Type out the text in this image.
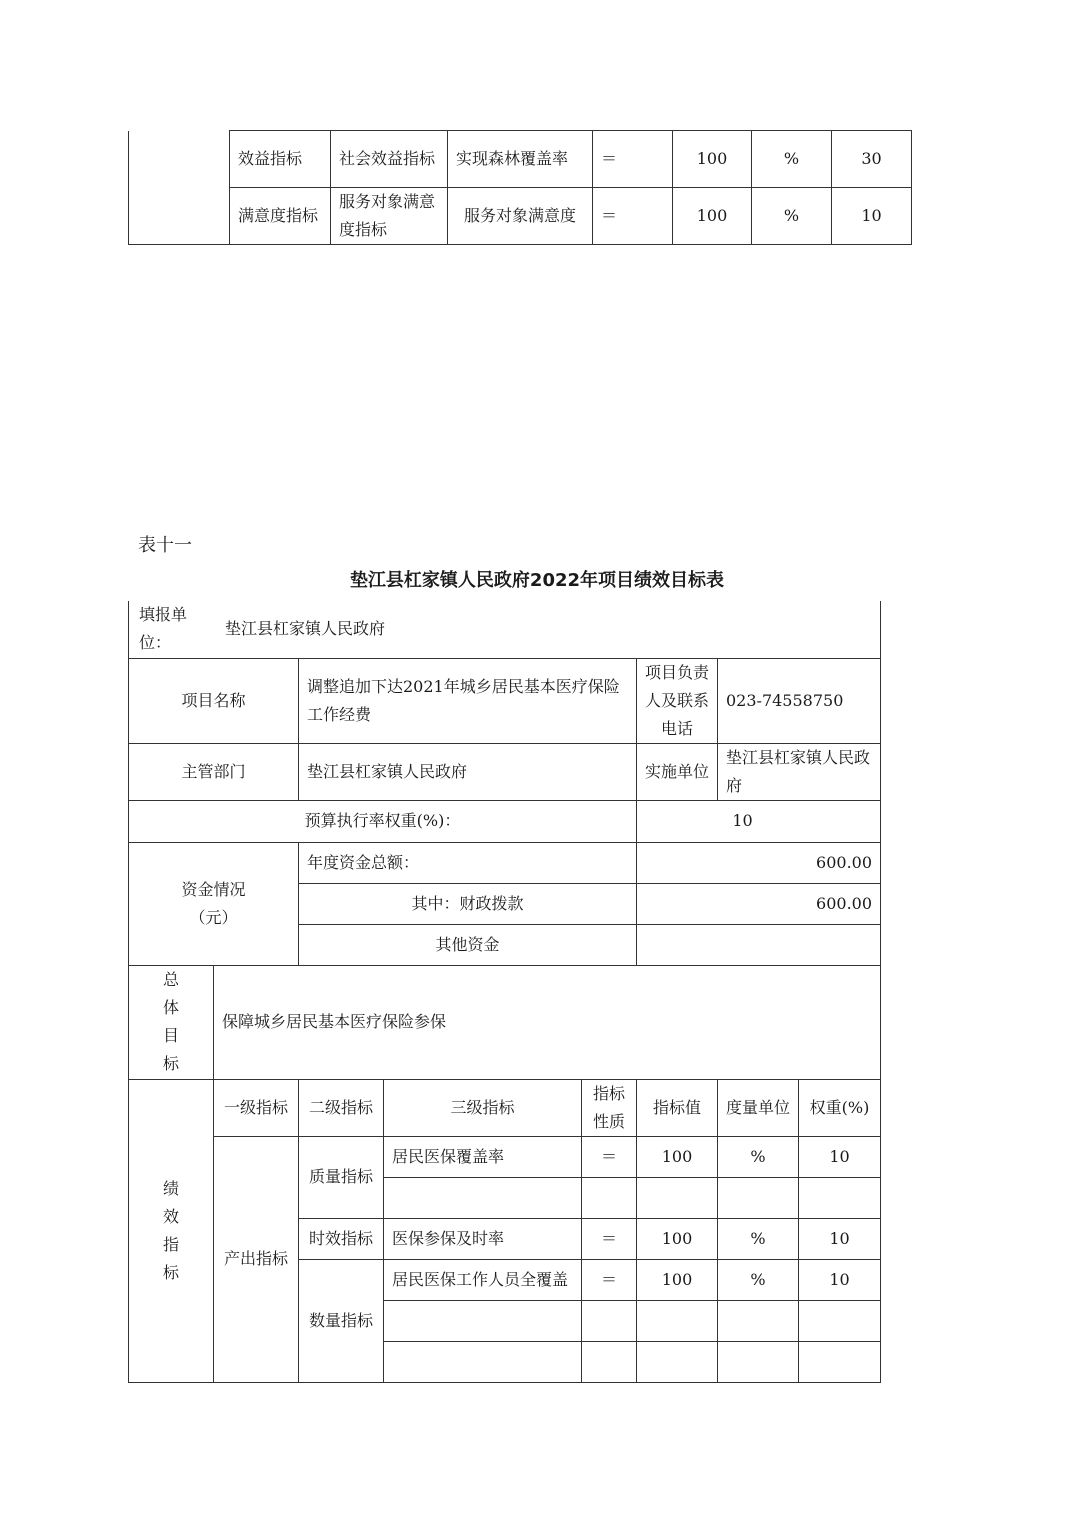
	效益指标	社会效益指标	实现森林覆盖率	＝	100	%	30
	满意度指标	服务对象满意度指标	服务对象满意度	＝	100	%	10
表十一
垫江县杠家镇人民政府2022年项目绩效目标表
填报单位：
垫江县杠家镇人民政府							

项目名称		调整追加下达2021年城乡居民基本医疗保险工作经费			项目负责人及联系电话	023-74558750	
主管部门		垫江县杠家镇人民政府			实施单位	垫江县杠家镇人民政府	
预算执行率权重(%)：					10		
资金情况（元）		年度资金总额：			600.00		
		其中：财政拨款			600.00		
		其他资金					

总
体
目
标	保障城乡居民基本医疗保险参保						

绩
效
指
标	一级指标	二级指标	三级指标	指标性质	指标值	度量单位	权重(%)
	产出指标	质量指标	居民医保覆盖率	＝	100	%	10

		时效指标	医保参保及时率	＝	100	%	10
		数量指标	居民医保工作人员全覆盖	＝	100	%	10
